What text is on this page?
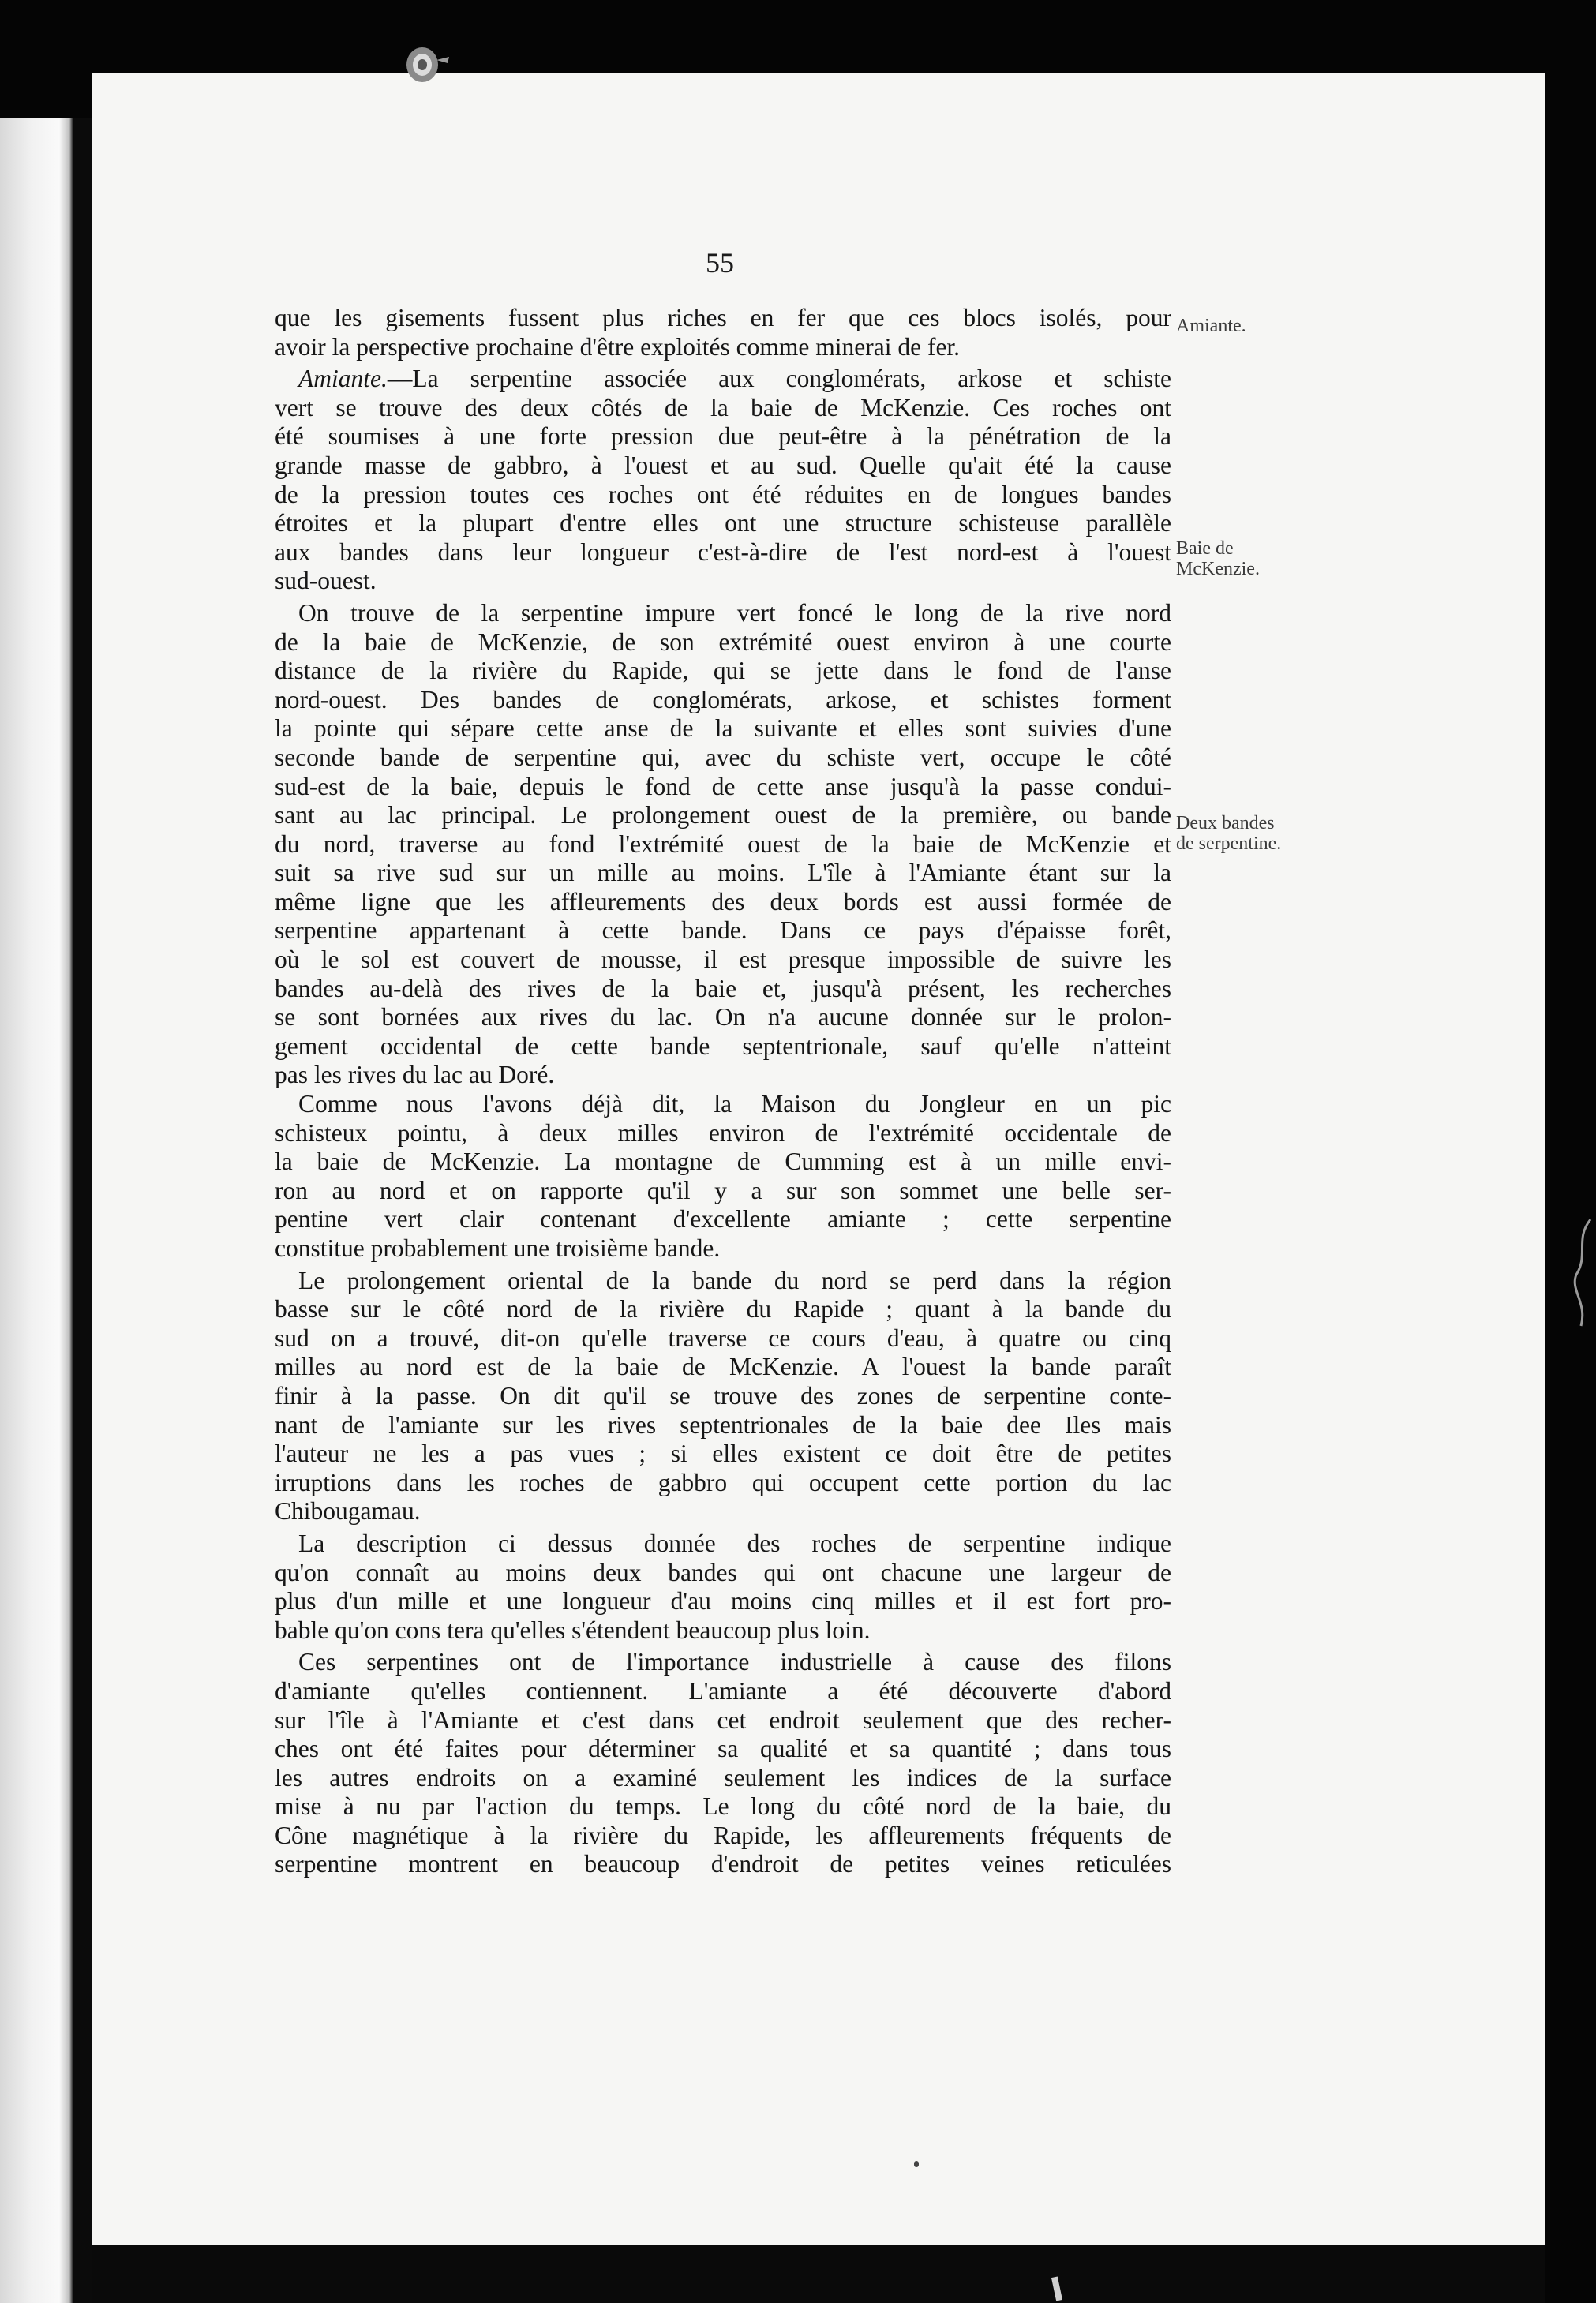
55
Amiante.
Baie de
McKenzie.
Deux bandes
de serpentine.
que les gisements fussent plus riches en fer que ces blocs isolés, pour
avoir la perspective prochaine d'être exploités comme minerai de fer.
Amiante.—La serpentine associée aux conglomérats, arkose et schiste
vert se trouve des deux côtés de la baie de McKenzie. Ces roches ont
été soumises à une forte pression due peut-être à la pénétration de la
grande masse de gabbro, à l'ouest et au sud. Quelle qu'ait été la cause
de la pression toutes ces roches ont été réduites en de longues bandes
étroites et la plupart d'entre elles ont une structure schisteuse parallèle
aux bandes dans leur longueur c'est-à-dire de l'est nord-est à l'ouest
sud-ouest.
On trouve de la serpentine impure vert foncé le long de la rive nord
de la baie de McKenzie, de son extrémité ouest environ à une courte
distance de la rivière du Rapide, qui se jette dans le fond de l'anse
nord-ouest. Des bandes de conglomérats, arkose, et schistes forment
la pointe qui sépare cette anse de la suivante et elles sont suivies d'une
seconde bande de serpentine qui, avec du schiste vert, occupe le côté
sud-est de la baie, depuis le fond de cette anse jusqu'à la passe condui-
sant au lac principal. Le prolongement ouest de la première, ou bande
du nord, traverse au fond l'extrémité ouest de la baie de McKenzie et
suit sa rive sud sur un mille au moins. L'île à l'Amiante étant sur la
même ligne que les affleurements des deux bords est aussi formée de
serpentine appartenant à cette bande. Dans ce pays d'épaisse forêt,
où le sol est couvert de mousse, il est presque impossible de suivre les
bandes au-delà des rives de la baie et, jusqu'à présent, les recherches
se sont bornées aux rives du lac. On n'a aucune donnée sur le prolon-
gement occidental de cette bande septentrionale, sauf qu'elle n'atteint
pas les rives du lac au Doré.
Comme nous l'avons déjà dit, la Maison du Jongleur en un pic
schisteux pointu, à deux milles environ de l'extrémité occidentale de
la baie de McKenzie. La montagne de Cumming est à un mille envi-
ron au nord et on rapporte qu'il y a sur son sommet une belle ser-
pentine vert clair contenant d'excellente amiante ; cette serpentine
constitue probablement une troisième bande.
Le prolongement oriental de la bande du nord se perd dans la région
basse sur le côté nord de la rivière du Rapide ; quant à la bande du
sud on a trouvé, dit-on qu'elle traverse ce cours d'eau, à quatre ou cinq
milles au nord est de la baie de McKenzie. A l'ouest la bande paraît
finir à la passe. On dit qu'il se trouve des zones de serpentine conte-
nant de l'amiante sur les rives septentrionales de la baie dee Iles mais
l'auteur ne les a pas vues ; si elles existent ce doit être de petites
irruptions dans les roches de gabbro qui occupent cette portion du lac
Chibougamau.
La description ci dessus donnée des roches de serpentine indique
qu'on connaît au moins deux bandes qui ont chacune une largeur de
plus d'un mille et une longueur d'au moins cinq milles et il est fort pro-
bable qu'on cons tera qu'elles s'étendent beaucoup plus loin.
Ces serpentines ont de l'importance industrielle à cause des filons
d'amiante qu'elles contiennent. L'amiante a été découverte d'abord
sur l'île à l'Amiante et c'est dans cet endroit seulement que des recher-
ches ont été faites pour déterminer sa qualité et sa quantité ; dans tous
les autres endroits on a examiné seulement les indices de la surface
mise à nu par l'action du temps. Le long du côté nord de la baie, du
Cône magnétique à la rivière du Rapide, les affleurements fréquents de
serpentine montrent en beaucoup d'endroit de petites veines reticulées
